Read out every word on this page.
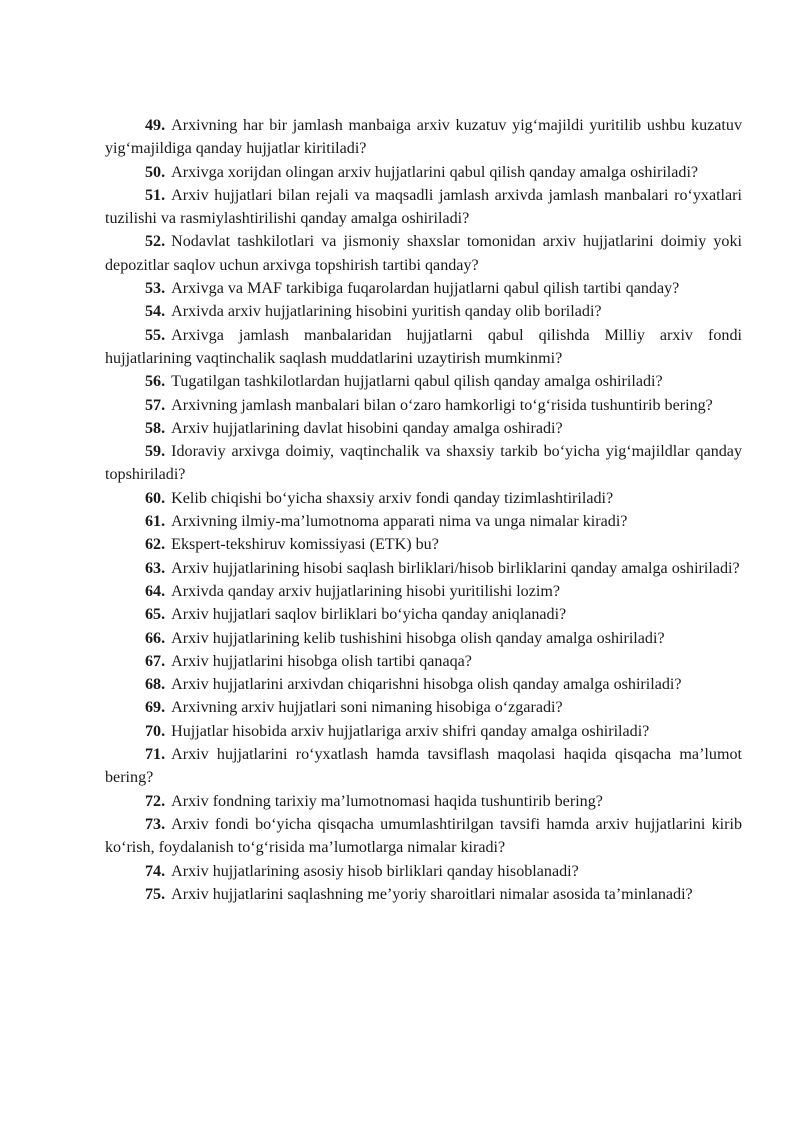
49. Arxivning har bir jamlash manbaiga arxiv kuzatuv yig‘majildi yuritilib ushbu kuzatuv yig‘majildiga qanday hujjatlar kiritiladi?

50. Arxivga xorijdan olingan arxiv hujjatlarini qabul qilish qanday amalga oshiriladi?

51. Arxiv hujjatlari bilan rejali va maqsadli jamlash arxivda jamlash manbalari ro‘yxatlari tuzilishi va rasmiylashtirilishi qanday amalga oshiriladi?

52. Nodavlat tashkilotlari va jismoniy shaxslar tomonidan arxiv hujjatlarini doimiy yoki depozitlar saqlov uchun arxivga topshirish tartibi qanday?

53. Arxivga va MAF tarkibiga fuqarolardan hujjatlarni qabul qilish tartibi qanday?

54. Arxivda arxiv hujjatlarining hisobini yuritish qanday olib boriladi?

55. Arxivga jamlash manbalaridan hujjatlarni qabul qilishda Milliy arxiv fondi hujjatlarining vaqtinchalik saqlash muddatlarini uzaytirish mumkinmi?

56. Tugatilgan tashkilotlardan hujjatlarni qabul qilish qanday amalga oshiriladi?

57. Arxivning jamlash manbalari bilan o‘zaro hamkorligi to‘g‘risida tushuntirib bering?

58. Arxiv hujjatlarining davlat hisobini qanday amalga oshiradi?

59. Idoraviy arxivga doimiy, vaqtinchalik va shaxsiy tarkib bo‘yicha yig‘majildlar qanday topshiriladi?

60. Kelib chiqishi bo‘yicha shaxsiy arxiv fondi qanday tizimlashtiriladi?

61. Arxivning ilmiy-ma’lumotnoma apparati nima va unga nimalar kiradi?

62. Ekspert-tekshiruv komissiyasi (ETK) bu?

63. Arxiv hujjatlarining hisobi saqlash birliklari/hisob birliklarini qanday amalga oshiriladi?

64. Arxivda qanday arxiv hujjatlarining hisobi yuritilishi lozim?

65. Arxiv hujjatlari saqlov birliklari bo‘yicha qanday aniqlanadi?

66. Arxiv hujjatlarining kelib tushishini hisobga olish qanday amalga oshiriladi?

67. Arxiv hujjatlarini hisobga olish tartibi qanaqa?

68. Arxiv hujjatlarini arxivdan chiqarishni hisobga olish qanday amalga oshiriladi?

69. Arxivning arxiv hujjatlari soni nimaning hisobiga o‘zgaradi?

70. Hujjatlar hisobida arxiv hujjatlariga arxiv shifri qanday amalga oshiriladi?

71. Arxiv hujjatlarini ro‘yxatlash hamda tavsiflash maqolasi haqida qisqacha ma’lumot bering?

72. Arxiv fondning tarixiy ma’lumotnomasi haqida tushuntirib bering?

73. Arxiv fondi bo‘yicha qisqacha umumlashtirilgan tavsifi hamda arxiv hujjatlarini kirib ko‘rish, foydalanish to‘g‘risida ma’lumotlarga nimalar kiradi?

74. Arxiv hujjatlarining asosiy hisob birliklari qanday hisoblanadi?

75. Arxiv hujjatlarini saqlashning me’yoriy sharoitlari nimalar asosida ta’minlanadi?
